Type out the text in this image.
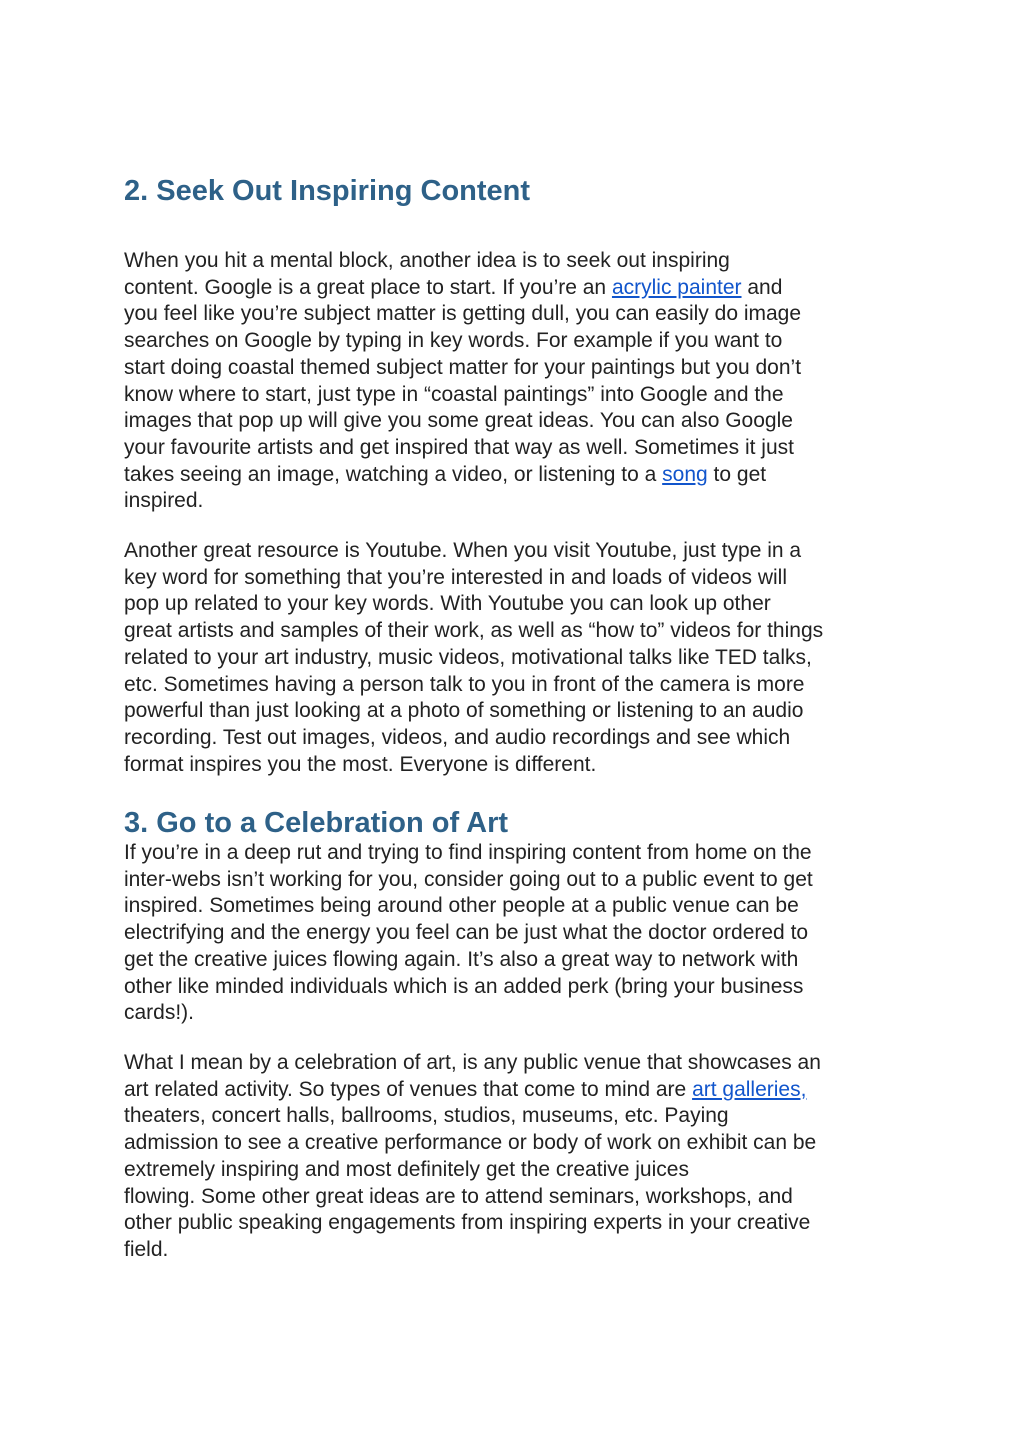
2. Seek Out Inspiring Content

When you hit a mental block, another idea is to seek out inspiring
content. Google is a great place to start. If you’re an acrylic painter and
you feel like you’re subject matter is getting dull, you can easily do image
searches on Google by typing in key words. For example if you want to
start doing coastal themed subject matter for your paintings but you don’t
know where to start, just type in “coastal paintings” into Google and the
images that pop up will give you some great ideas. You can also Google
your favourite artists and get inspired that way as well. Sometimes it just
takes seeing an image, watching a video, or listening to a song to get
inspired.

Another great resource is Youtube. When you visit Youtube, just type in a
key word for something that you’re interested in and loads of videos will
pop up related to your key words. With Youtube you can look up other
great artists and samples of their work, as well as “how to” videos for things
related to your art industry, music videos, motivational talks like TED talks,
etc. Sometimes having a person talk to you in front of the camera is more
powerful than just looking at a photo of something or listening to an audio
recording. Test out images, videos, and audio recordings and see which
format inspires you the most. Everyone is different.

3. Go to a Celebration of Art

If you’re in a deep rut and trying to find inspiring content from home on the
inter-webs isn’t working for you, consider going out to a public event to get
inspired. Sometimes being around other people at a public venue can be
electrifying and the energy you feel can be just what the doctor ordered to
get the creative juices flowing again. It’s also a great way to network with
other like minded individuals which is an added perk (bring your business
cards!).

What I mean by a celebration of art, is any public venue that showcases an
art related activity. So types of venues that come to mind are art galleries,
theaters, concert halls, ballrooms, studios, museums, etc. Paying
admission to see a creative performance or body of work on exhibit can be
extremely inspiring and most definitely get the creative juices
flowing. Some other great ideas are to attend seminars, workshops, and
other public speaking engagements from inspiring experts in your creative
field.
